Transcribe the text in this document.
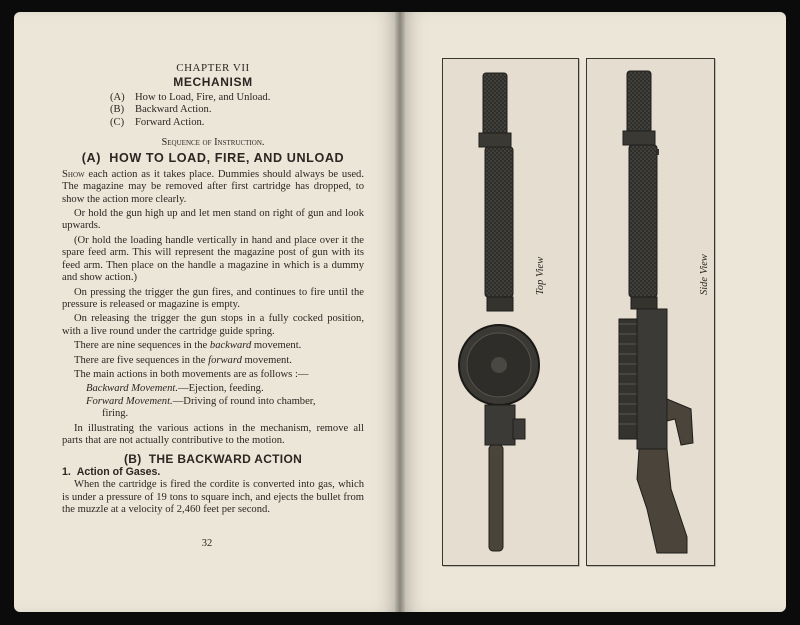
CHAPTER VII

MECHANISM

(A) How to Load, Fire, and Unload.
(B)	Backward Action.
(C)	Forward Action.

Sequence of Instruction.

(A) HOW TO LOAD, FIRE, AND UNLOAD

Show each action as it takes place. Dummies should always be used. The magazine may be removed after first cartridge has dropped, to show the action more clearly.

Or hold the gun high up and let men stand on right of gun and look upwards.

(Or hold the loading handle vertically in hand and place over it the spare feed arm. This will represent the magazine post of gun with its feed arm. Then place on the handle a magazine in which is a dummy and show action.)

On pressing the trigger the gun fires, and continues to fire until the pressure is released or magazine is empty.

On releasing the trigger the gun stops in a fully cocked position, with a live round under the cartridge guide spring.

There are nine sequences in the backward movement.

There are five sequences in the forward movement.

The main actions in both movements are as follows :—

Backward Movement.—Ejection, feeding.
Forward Movement.—Driving of round into chamber,
firing.

In illustrating the various actions in the mechanism, remove all parts that are not actually contributive to the motion.

(B) THE BACKWARD ACTION

1. Action of Gases.

When the cartridge is fired the cordite is converted into gas, which is under a pressure of 19 tons to square inch, and ejects the bullet from the muzzle at a velocity of 2,460 feet per second.

32
Top View	Side View
